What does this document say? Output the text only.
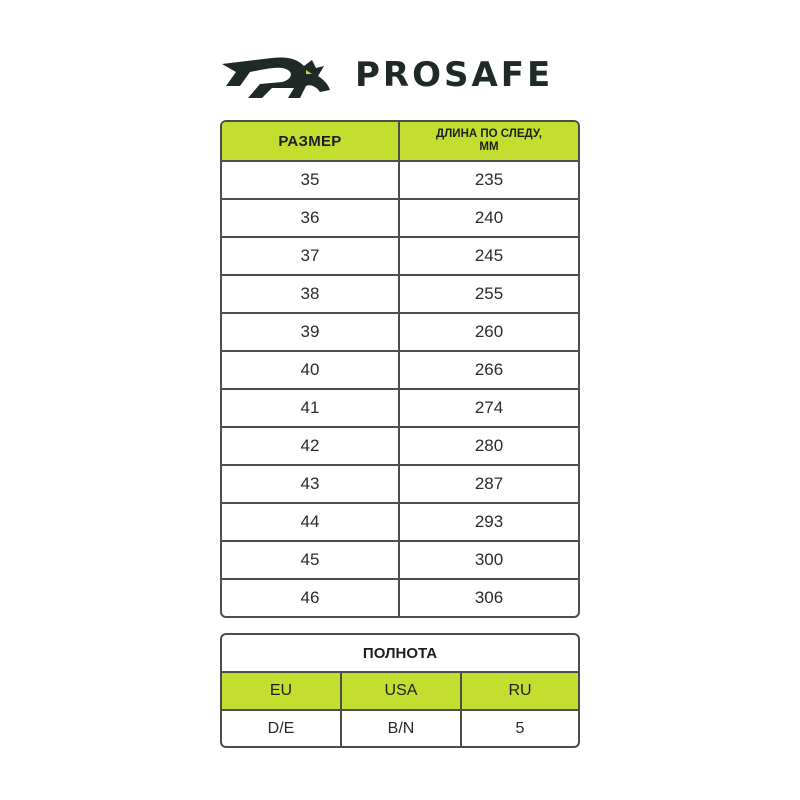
PROSAFE
РАЗМЕР	ДЛИНА ПО СЛЕДУ,
ММ
35	235
36	240
37	245
38	255
39	260
40	266
41	274
42	280
43	287
44	293
45	300
46	306
ПОЛНОТА
EU	USA	RU
D/E	B/N	5
